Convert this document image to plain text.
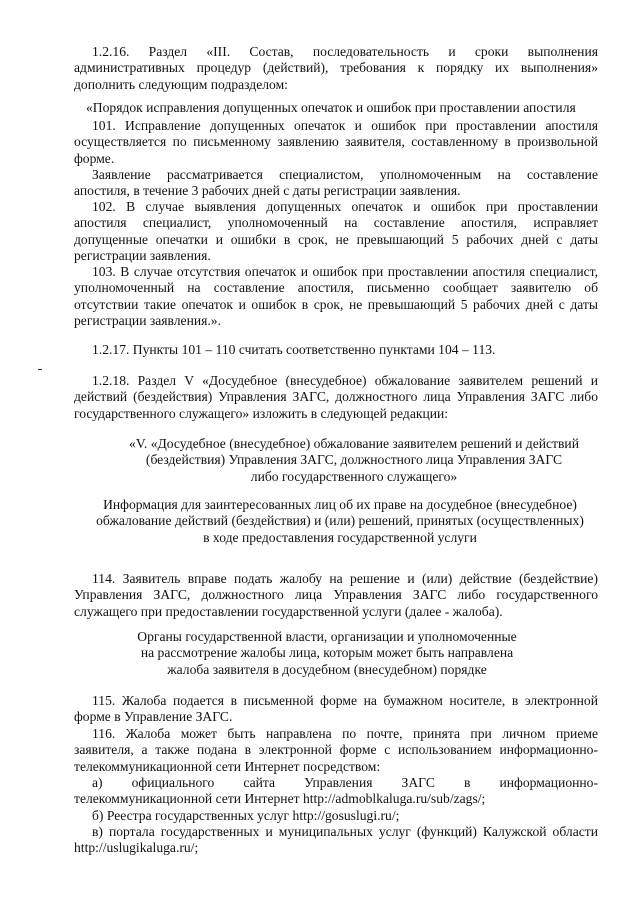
1.2.16. Раздел «III. Состав, последовательность и сроки выполнения
административных процедур (действий), требования к порядку их выполнения»
дополнить следующим подразделом:
«Порядок исправления допущенных опечаток и ошибок при проставлении апостиля
101. Исправление допущенных опечаток и ошибок при проставлении апостиля
осуществляется по письменному заявлению заявителя, составленному в произвольной
форме.
Заявление рассматривается специалистом, уполномоченным на составление
апостиля, в течение 3 рабочих дней с даты регистрации заявления.
102. В случае выявления допущенных опечаток и ошибок при проставлении
апостиля специалист, уполномоченный на составление апостиля, исправляет
допущенные опечатки и ошибки в срок, не превышающий 5 рабочих дней с даты
регистрации заявления.
103. В случае отсутствия опечаток и ошибок при проставлении апостиля специалист,
уполномоченный на составление апостиля, письменно сообщает заявителю об
отсутствии такие опечаток и ошибок в срок, не превышающий 5 рабочих дней с даты
регистрации заявления.».
1.2.17. Пункты 101 – 110 считать соответственно пунктами 104 – 113.
1.2.18. Раздел V «Досудебное (внесудебное) обжалование заявителем решений и
действий (бездействия) Управления ЗАГС, должностного лица Управления ЗАГС либо
государственного служащего» изложить в следующей редакции:
«V. «Досудебное (внесудебное) обжалование заявителем решений и действий
(бездействия) Управления ЗАГС, должностного лица Управления ЗАГС
либо государственного служащего»
Информация для заинтересованных лиц об их праве на досудебное (внесудебное)
обжалование действий (бездействия) и (или) решений, принятых (осуществленных)
в ходе предоставления государственной услуги
114. Заявитель вправе подать жалобу на решение и (или) действие (бездействие)
Управления ЗАГС, должностного лица Управления ЗАГС либо государственного
служащего при предоставлении государственной услуги (далее - жалоба).
Органы государственной власти, организации и уполномоченные
на рассмотрение жалобы лица, которым может быть направлена
жалоба заявителя в досудебном (внесудебном) порядке
115. Жалоба подается в письменной форме на бумажном носителе, в электронной
форме в Управление ЗАГС.
116. Жалоба может быть направлена по почте, принята при личном приеме
заявителя, а также подана в электронной форме с использованием информационно-
телекоммуникационной сети Интернет посредством:
а) официального сайта Управления ЗАГС в информационно-
телекоммуникационной сети Интернет http://admoblkaluga.ru/sub/zags/;
б) Реестра государственных услуг http://gosuslugi.ru/;
в) портала государственных и муниципальных услуг (функций) Калужской области
http://uslugikaluga.ru/;
